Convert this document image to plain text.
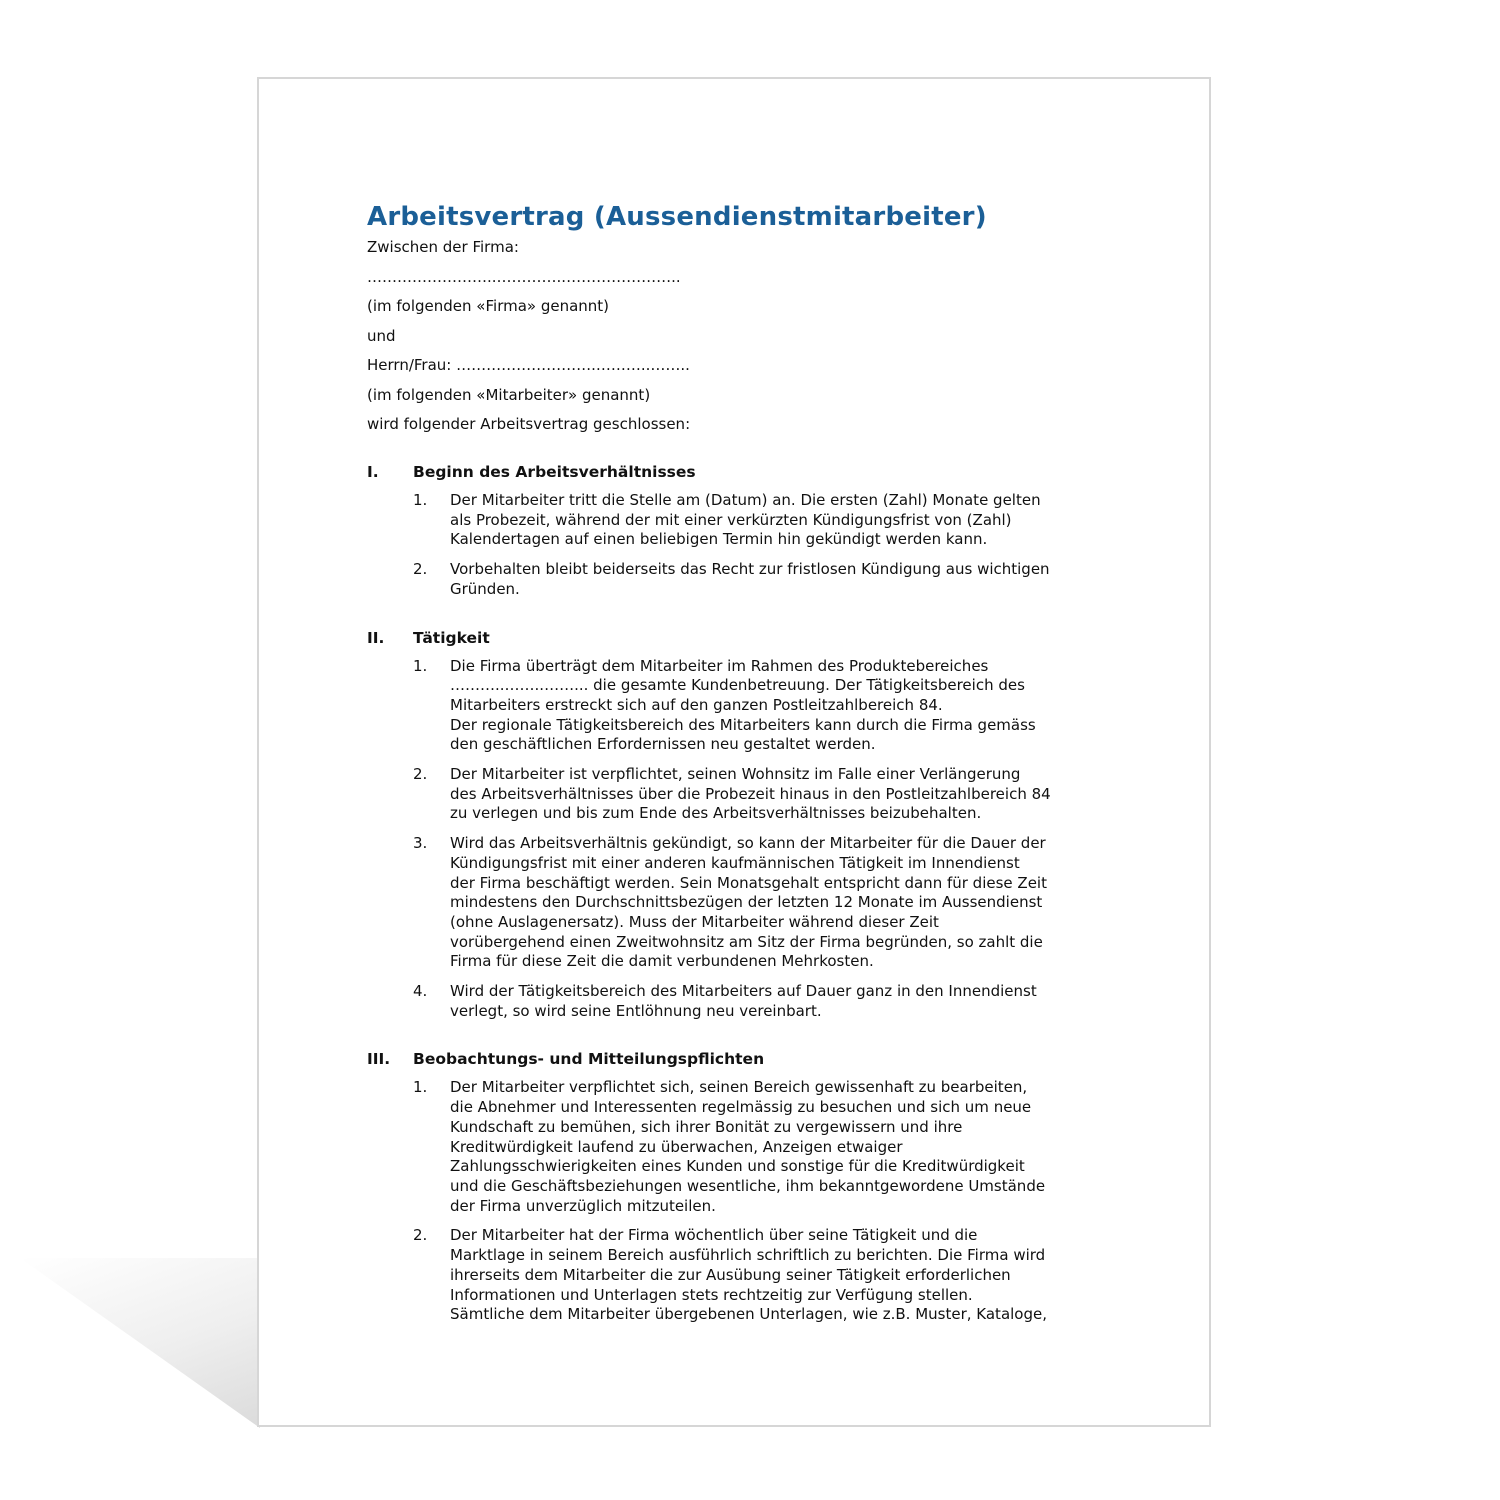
Arbeitsvertrag (Aussendienstmitarbeiter)
Zwischen der Firma:
……………………..…………..…………………..
(im folgenden «Firma» genannt)
und
Herrn/Frau: ……………………….………..……..
(im folgenden «Mitarbeiter» genannt)
wird folgender Arbeitsvertrag geschlossen:
I.	Beginn des Arbeitsverhältnisses
1.	Der Mitarbeiter tritt die Stelle am (Datum) an. Die ersten (Zahl) Monate gelten
als Probezeit, während der mit einer verkürzten Kündigungsfrist von (Zahl)
Kalendertagen auf einen beliebigen Termin hin gekündigt werden kann.
2.	Vorbehalten bleibt beiderseits das Recht zur fristlosen Kündigung aus wichtigen
Gründen.
II.	Tätigkeit
1.	Die Firma überträgt dem Mitarbeiter im Rahmen des Produktebereiches
………..……..……... die gesamte Kundenbetreuung. Der Tätigkeitsbereich des
Mitarbeiters erstreckt sich auf den ganzen Postleitzahlbereich 84.
Der regionale Tätigkeitsbereich des Mitarbeiters kann durch die Firma gemäss
den geschäftlichen Erfordernissen neu gestaltet werden.
2.	Der Mitarbeiter ist verpflichtet, seinen Wohnsitz im Falle einer Verlängerung
des Arbeitsverhältnisses über die Probezeit hinaus in den Postleitzahlbereich 84
zu verlegen und bis zum Ende des Arbeitsverhältnisses beizubehalten.
3.	Wird das Arbeitsverhältnis gekündigt, so kann der Mitarbeiter für die Dauer der
Kündigungsfrist mit einer anderen kaufmännischen Tätigkeit im Innendienst
der Firma beschäftigt werden. Sein Monatsgehalt entspricht dann für diese Zeit
mindestens den Durchschnittsbezügen der letzten 12 Monate im Aussendienst
(ohne Auslagenersatz). Muss der Mitarbeiter während dieser Zeit
vorübergehend einen Zweitwohnsitz am Sitz der Firma begründen, so zahlt die
Firma für diese Zeit die damit verbundenen Mehrkosten.
4.	Wird der Tätigkeitsbereich des Mitarbeiters auf Dauer ganz in den Innendienst
verlegt, so wird seine Entlöhnung neu vereinbart.
III.	Beobachtungs- und Mitteilungspflichten
1.	Der Mitarbeiter verpflichtet sich, seinen Bereich gewissenhaft zu bearbeiten,
die Abnehmer und Interessenten regelmässig zu besuchen und sich um neue
Kundschaft zu bemühen, sich ihrer Bonität zu vergewissern und ihre
Kreditwürdigkeit laufend zu überwachen, Anzeigen etwaiger
Zahlungsschwierigkeiten eines Kunden und sonstige für die Kreditwürdigkeit
und die Geschäftsbeziehungen wesentliche, ihm bekanntgewordene Umstände
der Firma unverzüglich mitzuteilen.
2.	Der Mitarbeiter hat der Firma wöchentlich über seine Tätigkeit und die
Marktlage in seinem Bereich ausführlich schriftlich zu berichten. Die Firma wird
ihrerseits dem Mitarbeiter die zur Ausübung seiner Tätigkeit erforderlichen
Informationen und Unterlagen stets rechtzeitig zur Verfügung stellen.
Sämtliche dem Mitarbeiter übergebenen Unterlagen, wie z.B. Muster, Kataloge,
